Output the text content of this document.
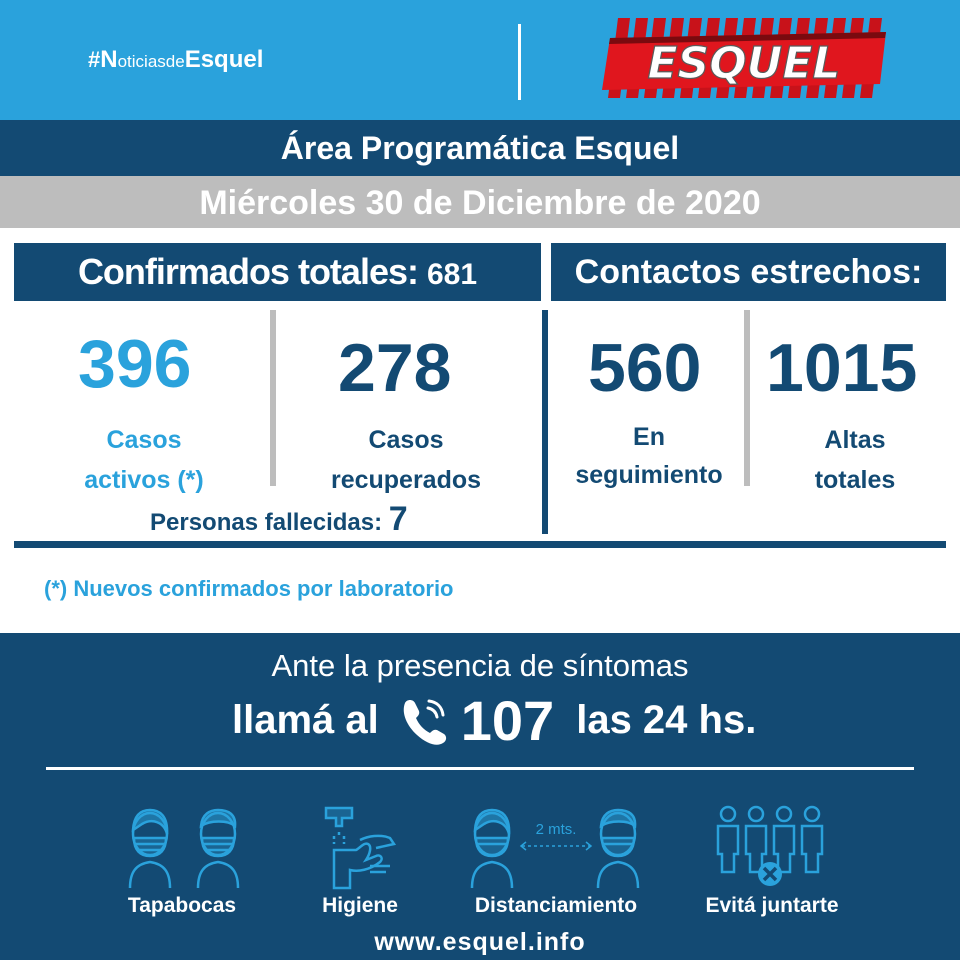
#NoticiasdeEsquel	ESQUEL
Área Programática Esquel
Miércoles 30 de Diciembre de 2020
Confirmados totales: 681	Contactos estrechos:
396
Casos
activos (*)
278
Casos
recuperados
Personas fallecidas: 7
560
En
seguimiento
1015
Altas
totales
(*) Nuevos confirmados por laboratorio
Ante la presencia de síntomas
llamá al 107 las 24 hs.
Tapabocas	Higiene
2 mts.
Distanciamiento	Evitá juntarte
www.esquel.info
